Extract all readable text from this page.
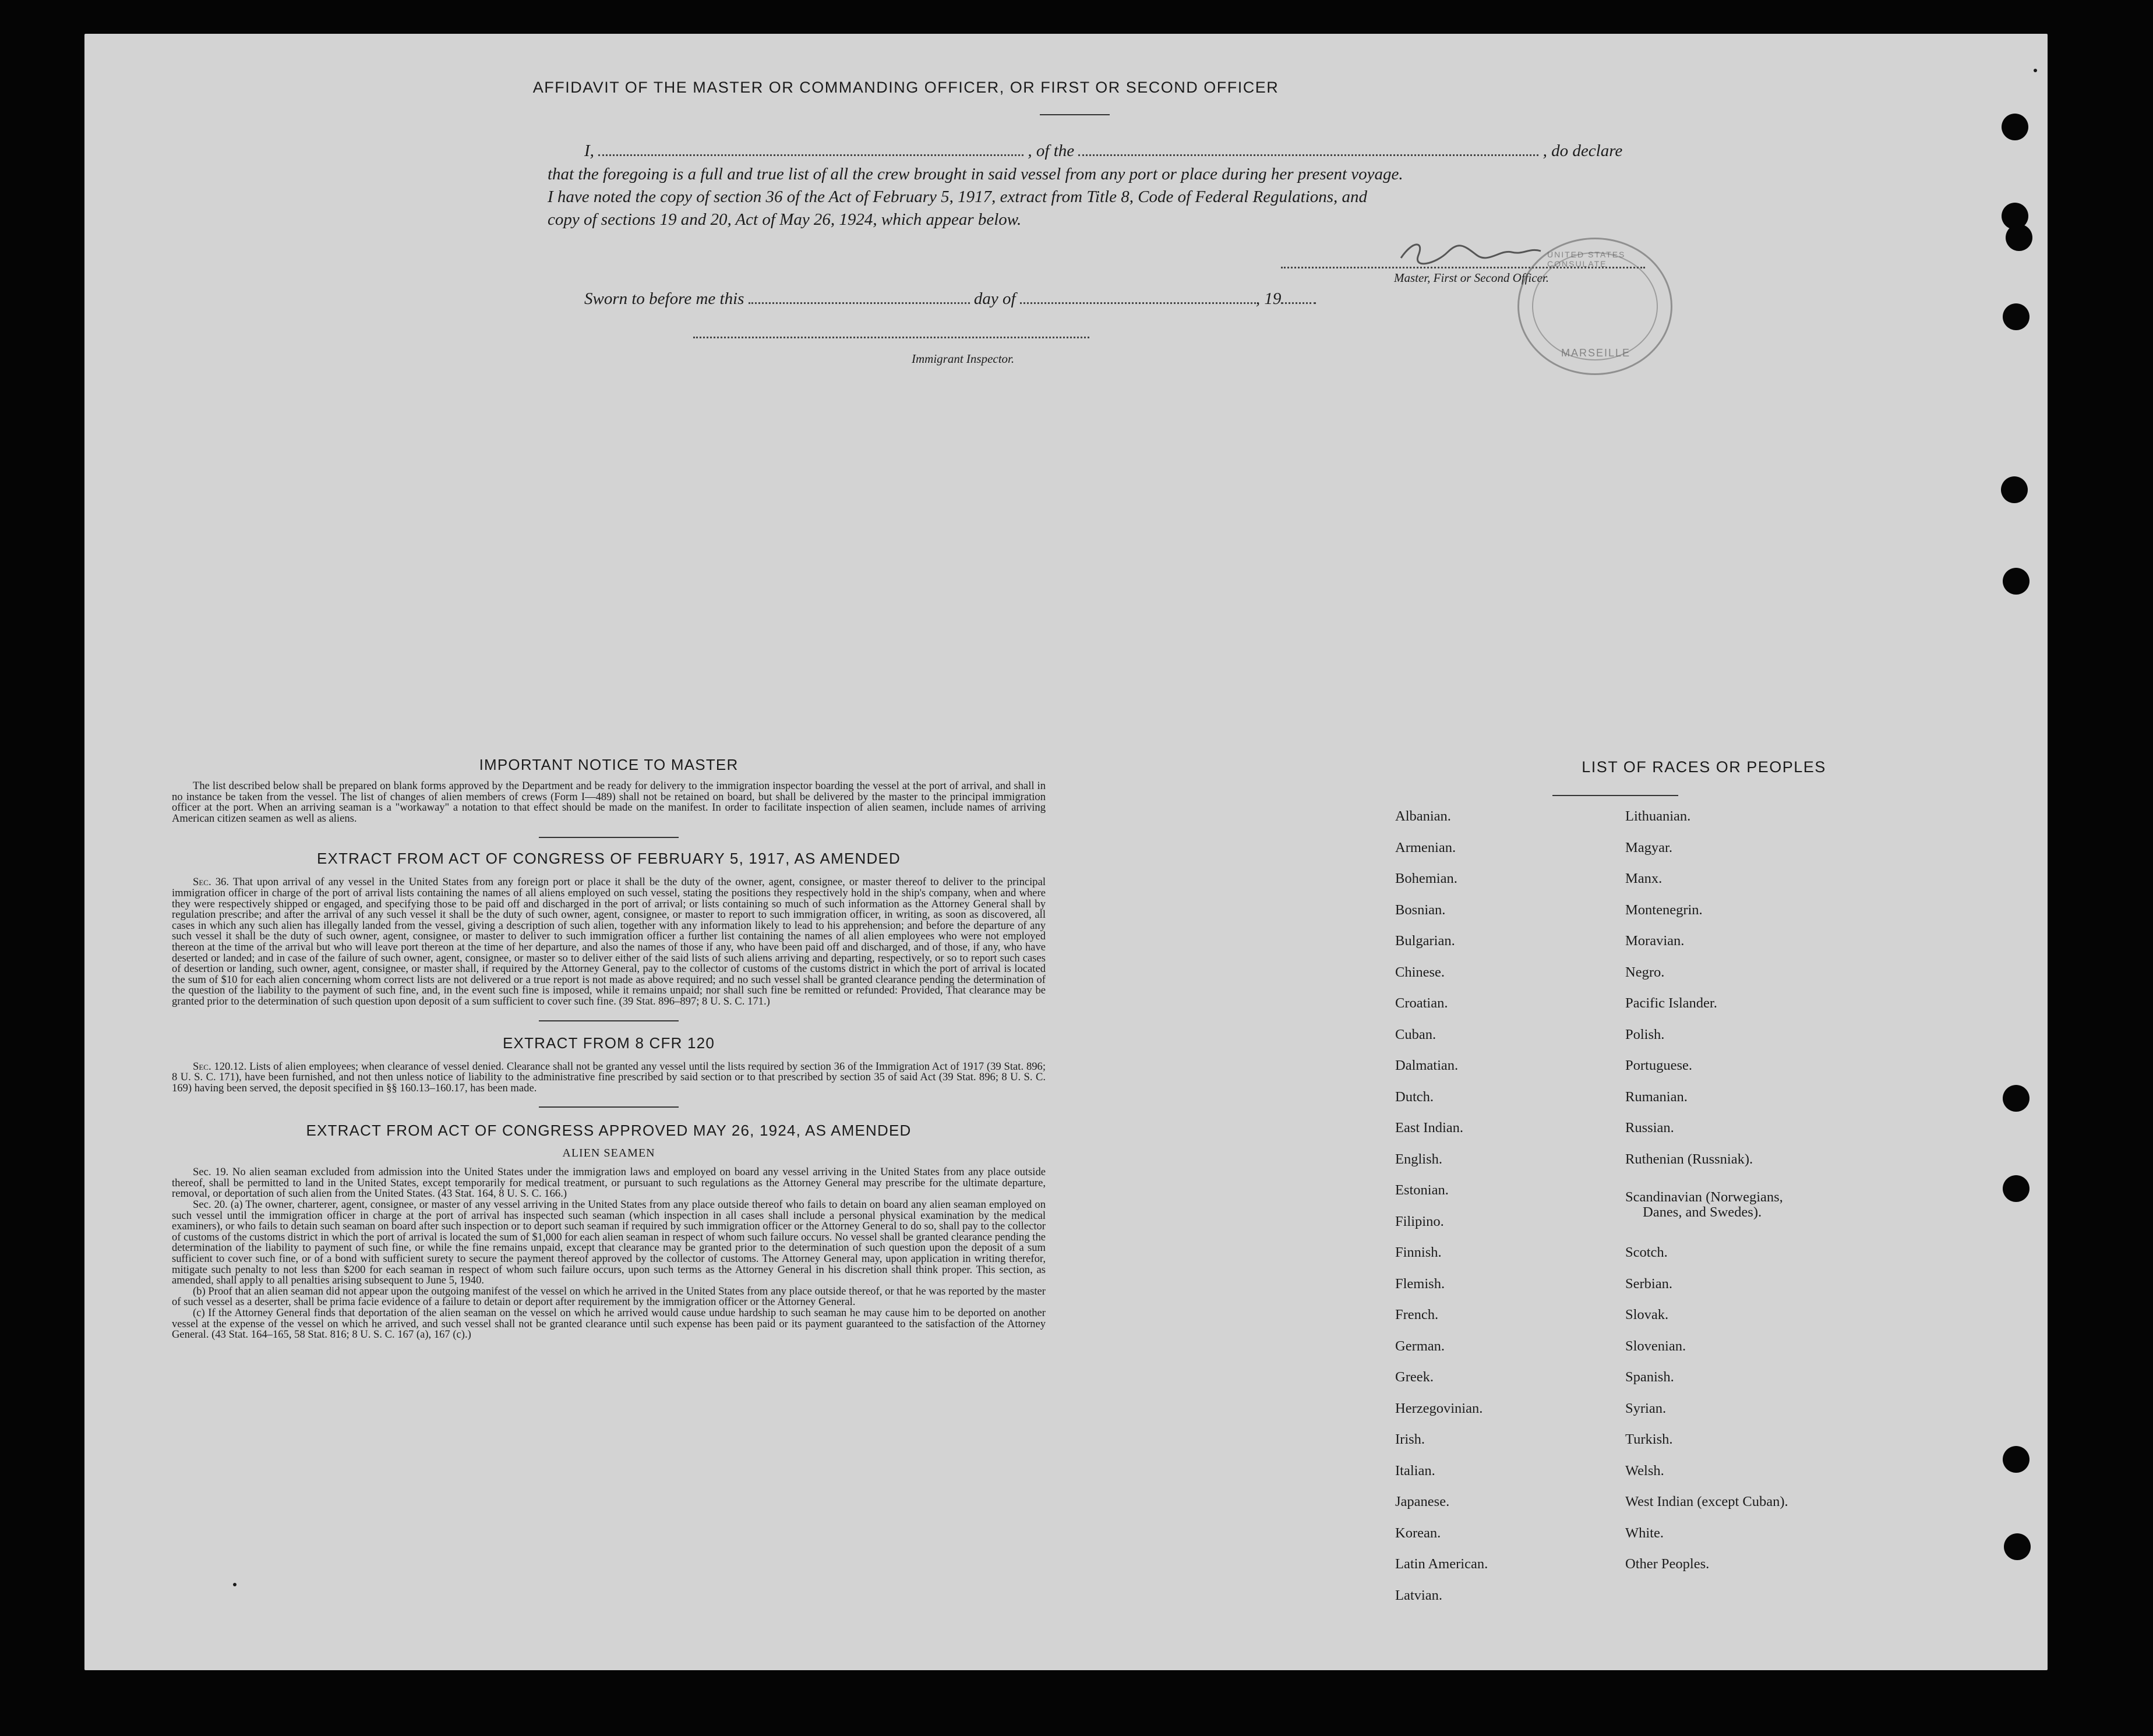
AFFIDAVIT OF THE MASTER OR COMMANDING OFFICER, OR FIRST OR SECOND OFFICER
I,	, of the	, do declare
that the foregoing is a full and true list of all the crew brought in said vessel from any port or place during her present voyage.
I have noted the copy of section 36 of the Act of February 5, 1917, extract from Title 8, Code of Federal Regulations, and
copy of sections 19 and 20, Act of May 26, 1924, which appear below.
Master, First or Second Officer.
UNITED STATES CONSULATE
MARSEILLE
Sworn to before me this	day of	, 19
Immigrant Inspector.
IMPORTANT NOTICE TO MASTER
The list described below shall be prepared on blank forms approved by the Department and be ready for delivery to the immigration inspector boarding the vessel at the port of arrival, and shall in no instance be taken from the vessel. The list of changes of alien members of crews (Form I—489) shall not be retained on board, but shall be delivered by the master to the principal immigration officer at the port. When an arriving seaman is a "workaway" a notation to that effect should be made on the manifest. In order to facilitate inspection of alien seamen, include names of arriving American citizen seamen as well as aliens.
EXTRACT FROM ACT OF CONGRESS OF FEBRUARY 5, 1917, AS AMENDED
Sec. 36. That upon arrival of any vessel in the United States from any foreign port or place it shall be the duty of the owner, agent, consignee, or master thereof to deliver to the principal immigration officer in charge of the port of arrival lists containing the names of all aliens employed on such vessel, stating the positions they respectively hold in the ship's company, when and where they were respectively shipped or engaged, and specifying those to be paid off and discharged in the port of arrival; or lists containing so much of such information as the Attorney General shall by regulation prescribe; and after the arrival of any such vessel it shall be the duty of such owner, agent, consignee, or master to report to such immigration officer, in writing, as soon as discovered, all cases in which any such alien has illegally landed from the vessel, giving a description of such alien, together with any information likely to lead to his apprehension; and before the departure of any such vessel it shall be the duty of such owner, agent, consignee, or master to deliver to such immigration officer a further list containing the names of all alien employees who were not employed thereon at the time of the arrival but who will leave port thereon at the time of her departure, and also the names of those if any, who have been paid off and discharged, and of those, if any, who have deserted or landed; and in case of the failure of such owner, agent, consignee, or master so to deliver either of the said lists of such aliens arriving and departing, respectively, or so to report such cases of desertion or landing, such owner, agent, consignee, or master shall, if required by the Attorney General, pay to the collector of customs of the customs district in which the port of arrival is located the sum of $10 for each alien concerning whom correct lists are not delivered or a true report is not made as above required; and no such vessel shall be granted clearance pending the determination of the question of the liability to the payment of such fine, and, in the event such fine is imposed, while it remains unpaid; nor shall such fine be remitted or refunded: Provided, That clearance may be granted prior to the determination of such question upon deposit of a sum sufficient to cover such fine. (39 Stat. 896–897; 8 U. S. C. 171.)
EXTRACT FROM 8 CFR 120
Sec. 120.12. Lists of alien employees; when clearance of vessel denied. Clearance shall not be granted any vessel until the lists required by section 36 of the Immigration Act of 1917 (39 Stat. 896; 8 U. S. C. 171), have been furnished, and not then unless notice of liability to the administrative fine prescribed by said section or to that prescribed by section 35 of said Act (39 Stat. 896; 8 U. S. C. 169) having been served, the deposit specified in §§ 160.13–160.17, has been made.
EXTRACT FROM ACT OF CONGRESS APPROVED MAY 26, 1924, AS AMENDED
ALIEN SEAMEN
Sec. 19. No alien seaman excluded from admission into the United States under the immigration laws and employed on board any vessel arriving in the United States from any place outside thereof, shall be permitted to land in the United States, except temporarily for medical treatment, or pursuant to such regulations as the Attorney General may prescribe for the ultimate departure, removal, or deportation of such alien from the United States. (43 Stat. 164, 8 U. S. C. 166.)
Sec. 20. (a) The owner, charterer, agent, consignee, or master of any vessel arriving in the United States from any place outside thereof who fails to detain on board any alien seaman employed on such vessel until the immigration officer in charge at the port of arrival has inspected such seaman (which inspection in all cases shall include a personal physical examination by the medical examiners), or who fails to detain such seaman on board after such inspection or to deport such seaman if required by such immigration officer or the Attorney General to do so, shall pay to the collector of customs of the customs district in which the port of arrival is located the sum of $1,000 for each alien seaman in respect of whom such failure occurs. No vessel shall be granted clearance pending the determination of the liability to payment of such fine, or while the fine remains unpaid, except that clearance may be granted prior to the determination of such question upon the deposit of a sum sufficient to cover such fine, or of a bond with sufficient surety to secure the payment thereof approved by the collector of customs. The Attorney General may, upon application in writing therefor, mitigate such penalty to not less than $200 for each seaman in respect of whom such failure occurs, upon such terms as the Attorney General in his discretion shall think proper. This section, as amended, shall apply to all penalties arising subsequent to June 5, 1940.
(b) Proof that an alien seaman did not appear upon the outgoing manifest of the vessel on which he arrived in the United States from any place outside thereof, or that he was reported by the master of such vessel as a deserter, shall be prima facie evidence of a failure to detain or deport after requirement by the immigration officer or the Attorney General.
(c) If the Attorney General finds that deportation of the alien seaman on the vessel on which he arrived would cause undue hardship to such seaman he may cause him to be deported on another vessel at the expense of the vessel on which he arrived, and such vessel shall not be granted clearance until such expense has been paid or its payment guaranteed to the satisfaction of the Attorney General. (43 Stat. 164–165, 58 Stat. 816; 8 U. S. C. 167 (a), 167 (c).)
LIST OF RACES OR PEOPLES
Albanian.
Armenian.
Bohemian.
Bosnian.
Bulgarian.
Chinese.
Croatian.
Cuban.
Dalmatian.
Dutch.
East Indian.
English.
Estonian.
Filipino.
Finnish.
Flemish.
French.
German.
Greek.
Herzegovinian.
Irish.
Italian.
Japanese.
Korean.
Latin American.
Latvian.
Lithuanian.
Magyar.
Manx.
Montenegrin.
Moravian.
Negro.
Pacific Islander.
Polish.
Portuguese.
Rumanian.
Russian.
Ruthenian (Russniak).
Scandinavian (Norwegians,
Danes, and Swedes).
Scotch.
Serbian.
Slovak.
Slovenian.
Spanish.
Syrian.
Turkish.
Welsh.
West Indian (except Cuban).
White.
Other Peoples.
